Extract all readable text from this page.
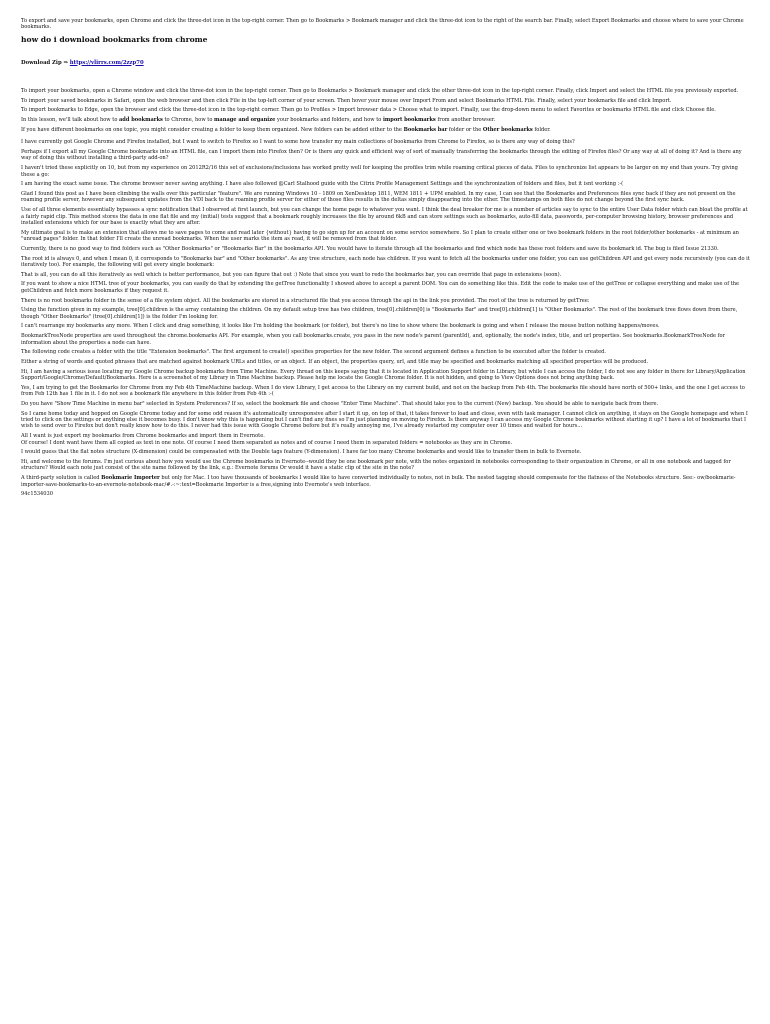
To export and save your bookmarks, open Chrome and click the three-dot icon in the top-right corner. Then go to Bookmarks > Bookmark manager and click the three-dot icon to the right of the search bar. Finally, select Export Bookmarks and choose where to save your Chrome bookmarks.

how do i download bookmarks from chrome

Download Zip ⇒ https://vlirrs.com/2zzp70

To import your bookmarks, open a Chrome window and click the three-dot icon in the top-right corner. Then go to Bookmarks > Bookmark manager and click the other three-dot icon in the top-right corner. Finally, click Import and select the HTML file you previously exported.

To import your saved bookmarks in Safari, open the web browser and then click File in the top-left corner of your screen. Then hover your mouse over Import From and select Bookmarks HTML File. Finally, select your bookmarks file and click Import.

To import bookmarks to Edge, open the browser and click the three-dot icon in the top-right corner. Then go to Profiles > Import browser data > Choose what to import. Finally, use the drop-down menu to select Favorites or bookmarks HTML file and click Choose file.

In this lesson, we'll talk about how to add bookmarks to Chrome, how to manage and organize your bookmarks and folders, and how to import bookmarks from another browser.

If you have different bookmarks on one topic, you might consider creating a folder to keep them organized. New folders can be added either to the Bookmarks bar folder or the Other bookmarks folder.

I have currently got Google Chrome and Firefox installed, but I want to switch to Firefox so I want to some how transfer my main collections of bookmarks from Chrome to Firefox, so is there any way of doing this?

Perhaps if I export all my Google Chrome bookmarks into an HTML file, can I import them into Firefox then? Or is there any quick and efficient way of sort of manually transferring the bookmarks through the editing of Firefox files? Or any way at all of doing it? And is there any way of doing this without installing a third-party add-on?

I haven't tried these explicitly on 10, but from my experience on 2012R2/16 this set of exclusions/inclusions has worked pretty well for keeping the profiles trim while roaming critical pieces of data. Files to synchronize list appears to be larger on my end than yours. Try giving these a go:

I am having the exact same issue. The chrome browser never saving anything. I have also followed @Carl Stalhood guide with the Citrix Profile Management Settings and the synchronization of folders and files, but it isnt working :-(

Glad I found this post as I have been climbing the walls over this particular "feature". We are running Windows 10 - 1809 on XenDesktop 1811, WEM 1811 + UPM enabled. In my case, I can see that the Bookmarks and Preferences files sync back if they are not present on the roaming profile server, however any subsequent updates from the VDI back to the roaming profile server for either of those files results in the deltas simply disappearing into the ether. The timestamps on both files do not change beyond the first sync back.

Use of all three elements essentially bypasses a sync notification that I observed at first launch, but you can change the home page to whatever you want. I think the deal breaker for me is a number of articles say to sync to the entire User Data folder which can bloat the profile at a fairly rapid clip. This method stores the data in one flat file and my (initial) tests suggest that a bookmark roughly increases the file by around 6kB and can store settings such as bookmarks, auto-fill data, passwords, per-computer browsing history, browser preferences and installed extensions which for our base is exactly what they are after.

My ultimate goal is to make an extension that allows me to save pages to come and read later {without} having to go sign up for an account on some service somewhere. So I plan to create either one or two bookmark folders in the root folder/other bookmarks - at minimum an "unread pages" folder. In that folder I'll create the unread bookmarks. When the user marks the item as read, it will be removed from that folder.

Currently, there is no good way to find folders such as "Other Bookmarks" or "Bookmarks Bar" in the bookmarks API. You would have to iterate through all the bookmarks and find which node has these root folders and save its bookmark id. The bug is filed Issue 21330.

The root id is always 0, and when I mean 0, it corresponds to "Bookmarks bar" and "Other bookmarks". As any tree structure, each node has children. If you want to fetch all the bookmarks under one folder, you can use getChildren API and get every node recursively (you can do it iteratively too). For example, the following will get every single bookmark:

That is all, you can do all this iteratively as well which is better performance, but you can figure that out :) Note that since you want to redo the bookmarks bar, you can override that page in extensions (soon).

If you want to show a nice HTML tree of your bookmarks, you can easily do that by extending the getTree functionality I showed above to accept a parent DOM. You can do something like this. Edit the code to make use of the getTree or collapse everything and make use of the getChildren and fetch more bookmarks if they request it.

There is no root bookmarks folder in the sense of a file system object. All the bookmarks are stored in a structured file that you access through the api in the link you provided. The root of the tree is returned by getTree:

Using the function given in my example, tree[0].children is the array containing the children. On my default setup tree has two children, tree[0].children[0] is "Bookmarks Bar" and tree[0].children[1] is "Other Bookmarks". The rest of the bookmark tree flows down from there, though "Other Bookmarks" (tree[0].children[1]) is the folder I'm looking for.

I can't rearrange my bookmarks any more. When I click and drag something, it looks like I'm holding the bookmark (or folder), but there's no line to show where the bookmark is going and when I release the mouse button nothing happens/moves.

BookmarkTreeNode properties are used throughout the chrome.bookmarks API. For example, when you call bookmarks.create, you pass in the new node's parent (parentId), and, optionally, the node's index, title, and url properties. See bookmarks.BookmarkTreeNode for information about the properties a node can have.

The following code creates a folder with the title "Extension bookmarks". The first argument to create() specifies properties for the new folder. The second argument defines a function to be executed after the folder is created.

Either a string of words and quoted phrases that are matched against bookmark URLs and titles, or an object. If an object, the properties query, url, and title may be specified and bookmarks matching all specified properties will be produced.

Hi, I am having a serious issue locating my Google Chrome backup bookmarks from Time Machine. Every thread on this keeps saying that it is located in Application Support folder in Library, but while I can access the folder, I do not see any folder in there for Library/Application Support/Google/Chrome/Default/Bookmarks. Here is a screenshot of my Library in Time Machine backup. Please help me locate the Google Chrome folder. It is not hidden, and going to View Options does not bring anything back.

Yes, I am trying to get the Bookmarks for Chrome from my Feb 4th TimeMachine backup. When I do view Library, I get access to the Library on my current build, and not on the backup from Feb 4th. The bookmarks file should have north of 500+ links, and the one I get access to from Feb 12th has 1 file in it. I do not see a bookmark file anywhere in this folder from Feb 4th :-(

Do you have "Show Time Machine in menu bar" selected in System Preferences? If so, select the bookmark file and choose "Enter Time Machine". That should take you to the current (New) backup. You should be able to navigate back from there.

So I came home today and hopped on Google Chrome today and for some odd reason it's automatically unresponsive after I start it up, on top of that, it takes forever to load and close, even with task manager. I cannot click on anything, it stays on the Google homepage and when I tried to click on the settings or anything else it becomes busy. I don't know why this is happening but I can't find any fixes so I'm just planning on moving to Firefox. Is there anyway I can access my Google Chrome bookmarks without starting it up? I have a lot of bookmarks that I wish to send over to Firefox but don't really know how to do this. I never had this issue with Google Chrome before but it's really annoying me, I've already restarted my computer over 10 times and waited for hours...

All I want is just export my bookmarks from Chrome bookmarks and import them in Evernote.

Of course! I dont want have them all copied as text in one note. Of course I need them separated as notes and of course I need them in separated folders = notebooks as they are in Chrome.

I would guess that the flat notes structure (X-dimension) could be compensated with the Double tags feature (Y-dimension). I have far too many Chrome bookmarks and would like to transfer them in bulk to Evernote.

Hi, and welcome to the forums. I'm just curious about how you would use the Chrome bookmarks in Evernote--would they be one bookmark per note, with the notes organized in notebooks corresponding to their organization in Chrome, or all in one notebook and tagged for structure? Would each note just consist of the site name followed by the link, e.g.: Evernote forums Or would it have a static clip of the site in the note?

A third-party solution is called Bookmarie Importer but only for Mac. I too have thousands of bookmarks I would like to have converted individually to notes, not in bulk. The nested tagging should compensate for the flatness of the Notebooks structure. See:- ow/bookmarie-importer-save-bookmarks-to-an-evernote-notebook-mac/#.-:~:text=Bookmarie Importer is a free,signing into Evernote's web interface.

94c1534030
